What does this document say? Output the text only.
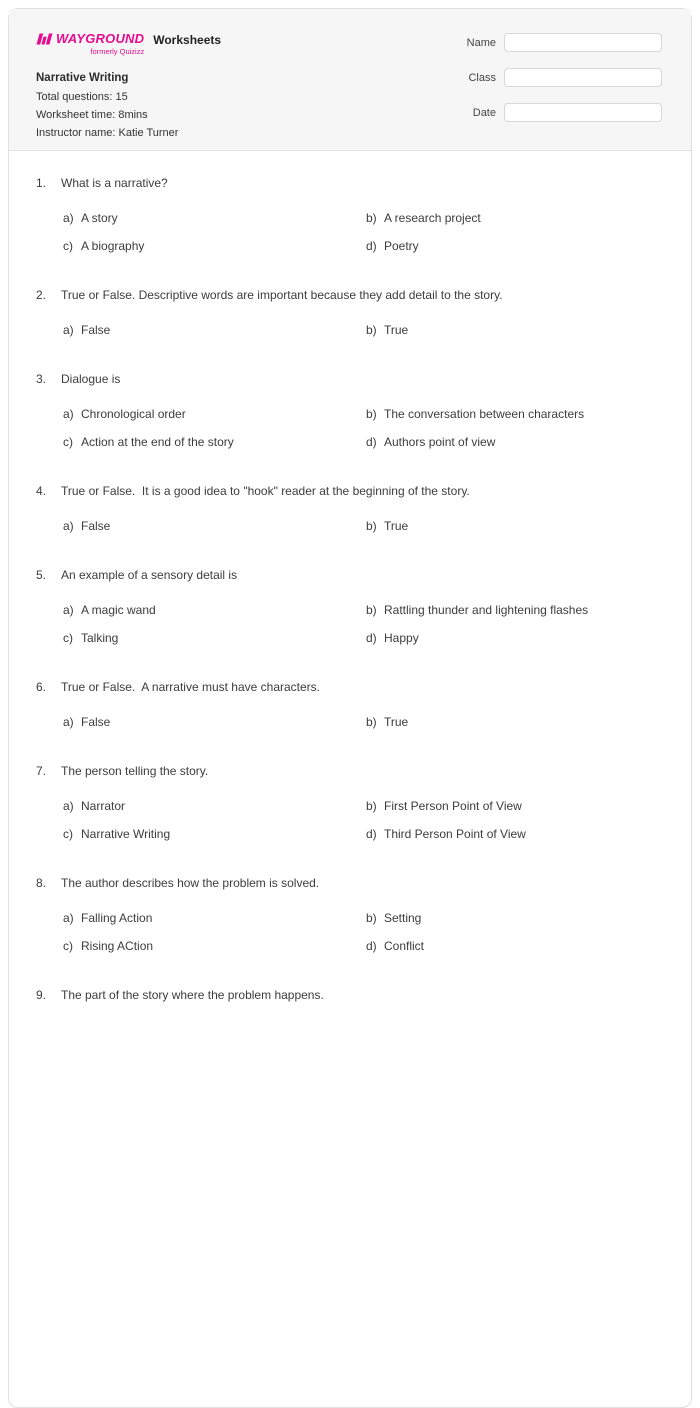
WAYGROUND
formerly Quizizz
Worksheets
Narrative Writing
Total questions: 15
Worksheet time: 8mins
Instructor name: Katie Turner
Name
Class
Date
1.	What is a narrative?
a) A story	b) A research project
c) A biography	d) Poetry
2.	True or False. Descriptive words are important because they add detail to the story.
a) False	b) True
3.	Dialogue is
a) Chronological order	b) The conversation between characters
c) Action at the end of the story	d) Authors point of view
4.	True or False.  It is a good idea to "hook" reader at the beginning of the story.
a) False	b) True
5.	An example of a sensory detail is
a) A magic wand	b) Rattling thunder and lightening flashes
c) Talking	d) Happy
6.	True or False.  A narrative must have characters.
a) False	b) True
7.	The person telling the story.
a) Narrator	b) First Person Point of View
c) Narrative Writing	d) Third Person Point of View
8.	The author describes how the problem is solved.
a) Falling Action	b) Setting
c) Rising ACtion	d) Conflict
9.	The part of the story where the problem happens.
